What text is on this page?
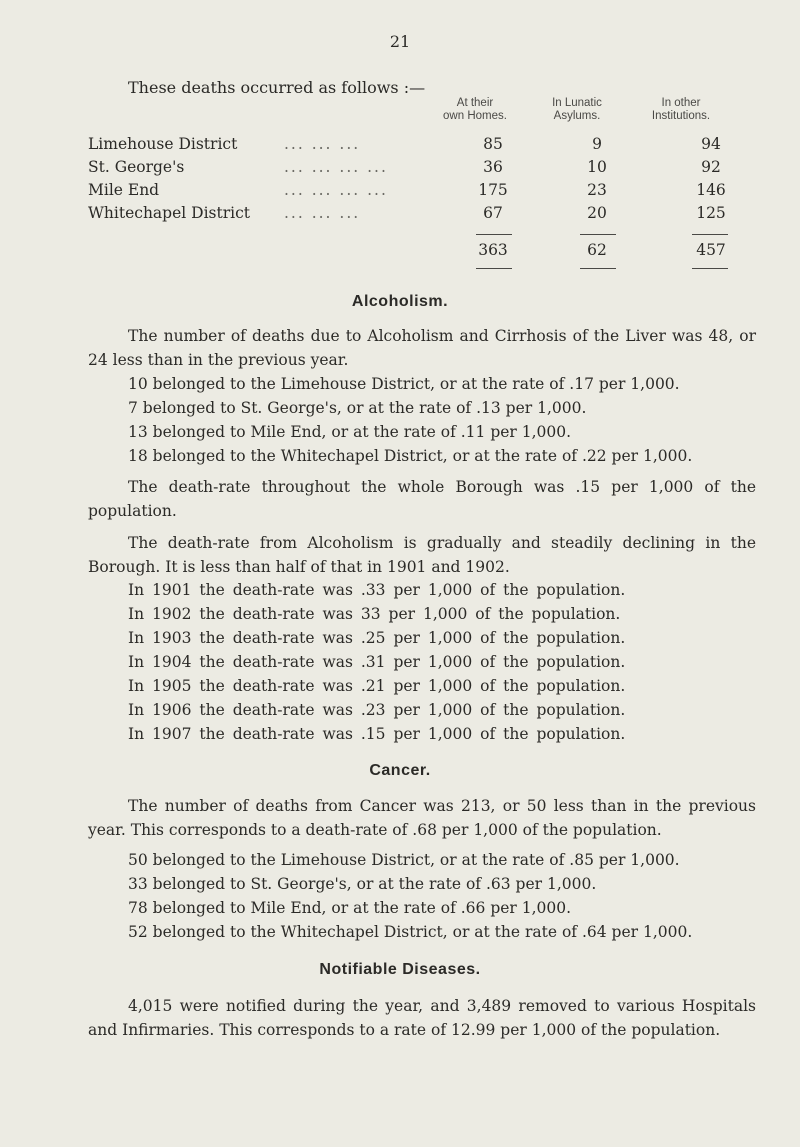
21
These deaths occurred as follows :—
At their
own Homes.
In Lunatic
Asylums.
In other
Institutions.
Limehouse District	... ... ...	85	9	94
St. George's	... ... ... ...	36	10	92
Mile End	... ... ... ...	175	23	146
Whitechapel District ... ... ...	67	20	125
363	62	457
Alcoholism.
The number of deaths due to Alcoholism and Cirrhosis of the Liver was 48, or 24 less than in the previous year.
10 belonged to the Limehouse District, or at the rate of .17 per 1,000.
7 belonged to St. George's, or at the rate of .13 per 1,000.
13 belonged to Mile End, or at the rate of .11 per 1,000.
18 belonged to the Whitechapel District, or at the rate of .22 per 1,000.
The death-rate throughout the whole Borough was .15 per 1,000 of the population.
The death-rate from Alcoholism is gradually and steadily declining in the Borough. It is less than half of that in 1901 and 1902.
In 1901 the death-rate was .33 per 1,000 of the population.
In 1902 the death-rate was 33 per 1,000 of the population.
In 1903 the death-rate was .25 per 1,000 of the population.
In 1904 the death-rate was .31 per 1,000 of the population.
In 1905 the death-rate was .21 per 1,000 of the population.
In 1906 the death-rate was .23 per 1,000 of the population.
In 1907 the death-rate was .15 per 1,000 of the population.
Cancer.
The number of deaths from Cancer was 213, or 50 less than in the previous year. This corresponds to a death-rate of .68 per 1,000 of the population.
50 belonged to the Limehouse District, or at the rate of .85 per 1,000.
33 belonged to St. George's, or at the rate of .63 per 1,000.
78 belonged to Mile End, or at the rate of .66 per 1,000.
52 belonged to the Whitechapel District, or at the rate of .64 per 1,000.
Notifiable Diseases.
4,015 were notified during the year, and 3,489 removed to various Hospitals and Infirmaries. This corresponds to a rate of 12.99 per 1,000 of the population.
